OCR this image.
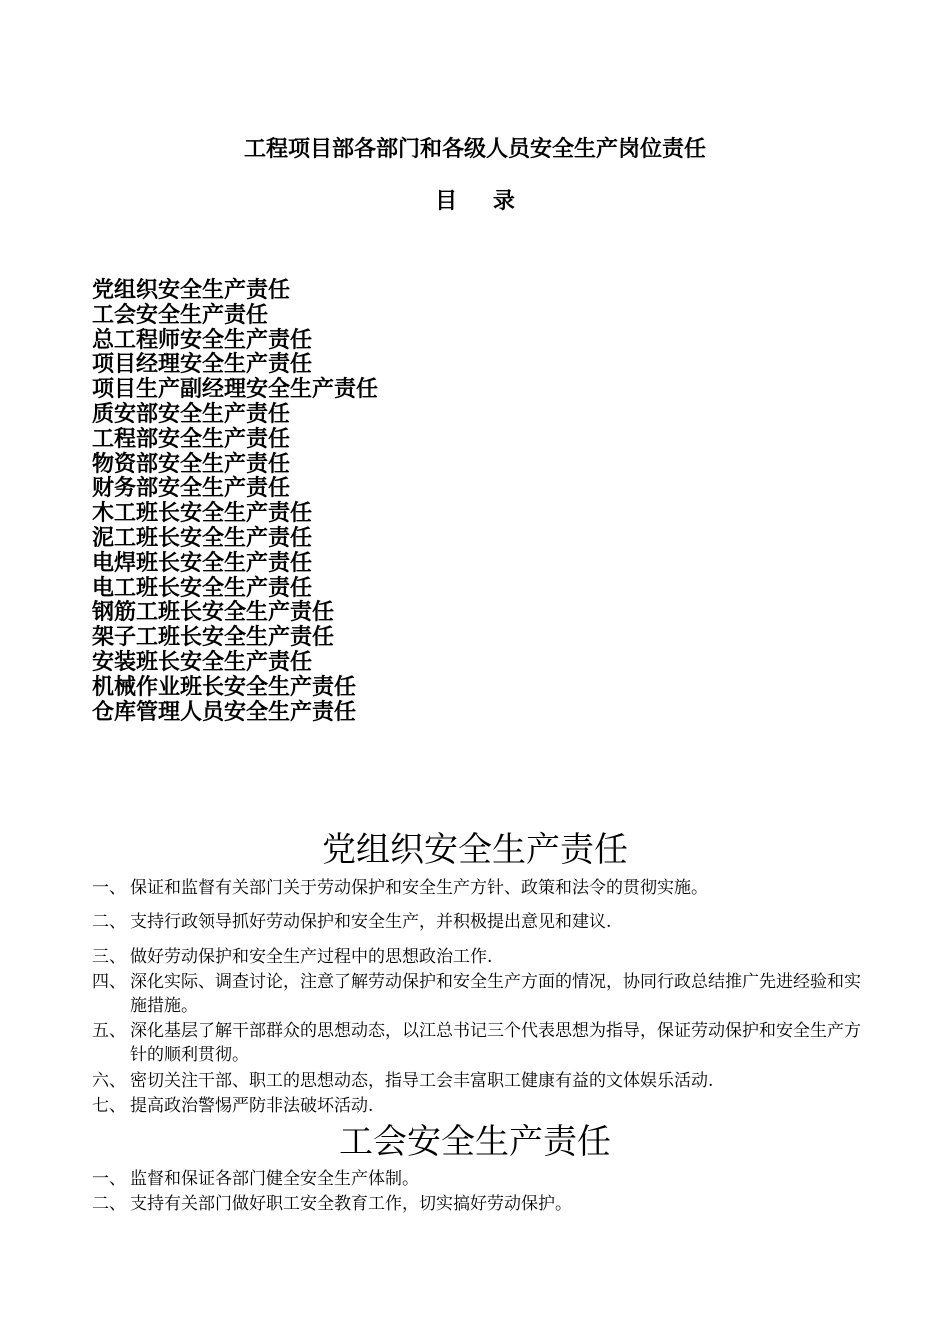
工程项目部各部门和各级人员安全生产岗位责任
目 录
党组织安全生产责任
工会安全生产责任
总工程师安全生产责任
项目经理安全生产责任
项目生产副经理安全生产责任
质安部安全生产责任
工程部安全生产责任
物资部安全生产责任
财务部安全生产责任
木工班长安全生产责任
泥工班长安全生产责任
电焊班长安全生产责任
电工班长安全生产责任
钢筋工班长安全生产责任
架子工班长安全生产责任
安装班长安全生产责任
机械作业班长安全生产责任
仓库管理人员安全生产责任
党组织安全生产责任
一、 保证和监督有关部门关于劳动保护和安全生产方针、政策和法令的贯彻实施。
二、 支持行政领导抓好劳动保护和安全生产，并积极提出意见和建议.
三、 做好劳动保护和安全生产过程中的思想政治工作.
四、 深化实际、调查讨论，注意了解劳动保护和安全生产方面的情况，协同行政总结推广先进经验和实施措施。
五、 深化基层了解干部群众的思想动态，以江总书记三个代表思想为指导，保证劳动保护和安全生产方针的顺利贯彻。
六、 密切关注干部、职工的思想动态，指导工会丰富职工健康有益的文体娱乐活动.
七、 提高政治警惕严防非法破坏活动.
工会安全生产责任
一、 监督和保证各部门健全安全生产体制。
二、 支持有关部门做好职工安全教育工作，切实搞好劳动保护。
